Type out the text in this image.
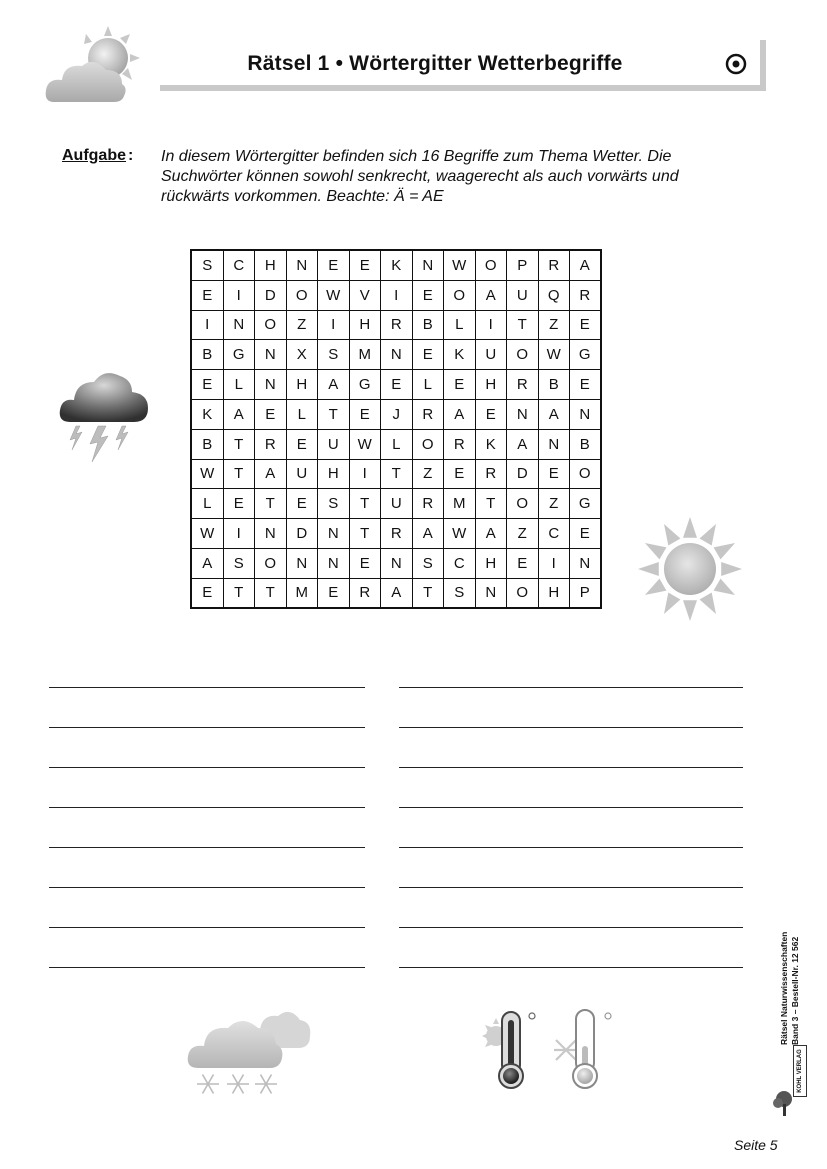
Rätsel 1 • Wörtergitter Wetterbegriffe
Aufgabe : In diesem Wörtergitter befinden sich 16 Begriffe zum Thema Wetter. Die Suchwörter können sowohl senkrecht, waagerecht als auch vorwärts und rückwärts vorkommen. Beachte: Ä = AE
S	C	H	N	E	E	K	N	W	O	P	R	A
E	I	D	O	W	V	I	E	O	A	U	Q	R
I	N	O	Z	I	H	R	B	L	I	T	Z	E
B	G	N	X	S	M	N	E	K	U	O	W	G
E	L	N	H	A	G	E	L	E	H	R	B	E
K	A	E	L	T	E	J	R	A	E	N	A	N
B	T	R	E	U	W	L	O	R	K	A	N	B
W	T	A	U	H	I	T	Z	E	R	D	E	O
L	E	T	E	S	T	U	R	M	T	O	Z	G
W	I	N	D	N	T	R	A	W	A	Z	C	E
A	S	O	N	N	E	N	S	C	H	E	I	N
E	T	T	M	E	R	A	T	S	N	O	H	P
Rätsel Naturwissenschaften Band 3 – Bestell-Nr. 12 562
KOHL VERLAG
Seite 5
